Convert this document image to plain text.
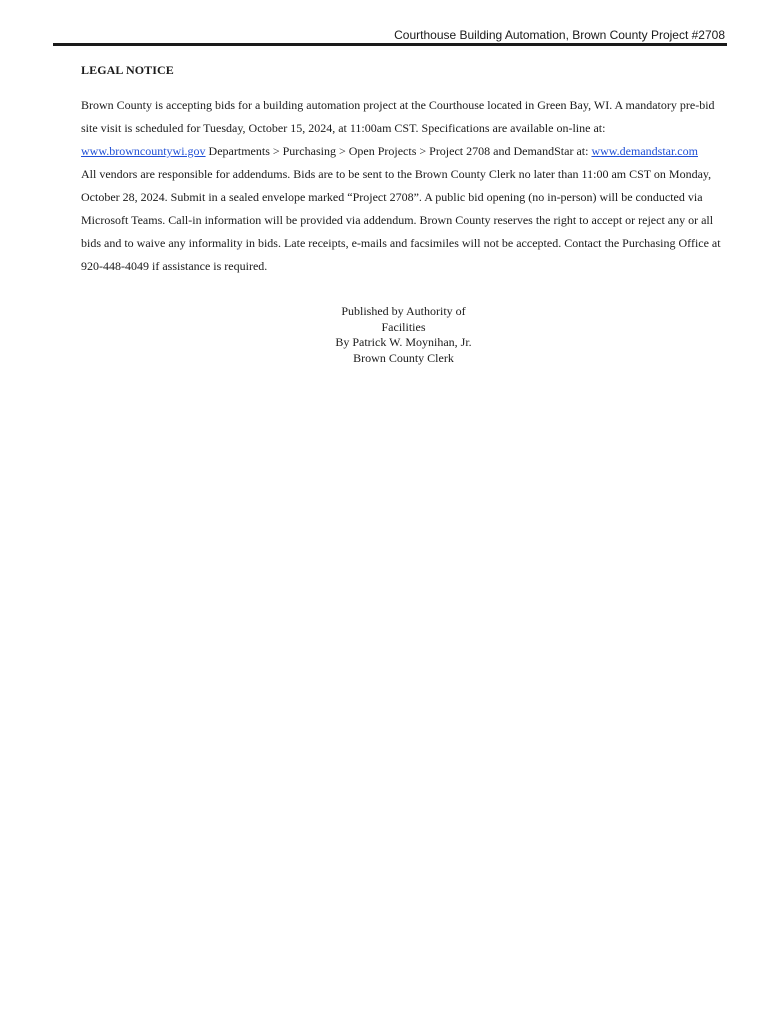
Courthouse Building Automation, Brown County Project #2708
LEGAL NOTICE

Brown County is accepting bids for a building automation project at the Courthouse located in Green Bay, WI. A mandatory pre-bid site visit is scheduled for Tuesday, October 15, 2024, at 11:00am CST. Specifications are available on-line at: www.browncountywi.gov Departments > Purchasing > Open Projects > Project 2708 and DemandStar at: www.demandstar.com

All vendors are responsible for addendums. Bids are to be sent to the Brown County Clerk no later than 11:00 am CST on Monday, October 28, 2024. Submit in a sealed envelope marked “Project 2708”. A public bid opening (no in-person) will be conducted via Microsoft Teams. Call-in information will be provided via addendum. Brown County reserves the right to accept or reject any or all bids and to waive any informality in bids. Late receipts, e-mails and facsimiles will not be accepted. Contact the Purchasing Office at 920-448-4049 if assistance is required.

Published by Authority of
Facilities
By Patrick W. Moynihan, Jr.
Brown County Clerk
